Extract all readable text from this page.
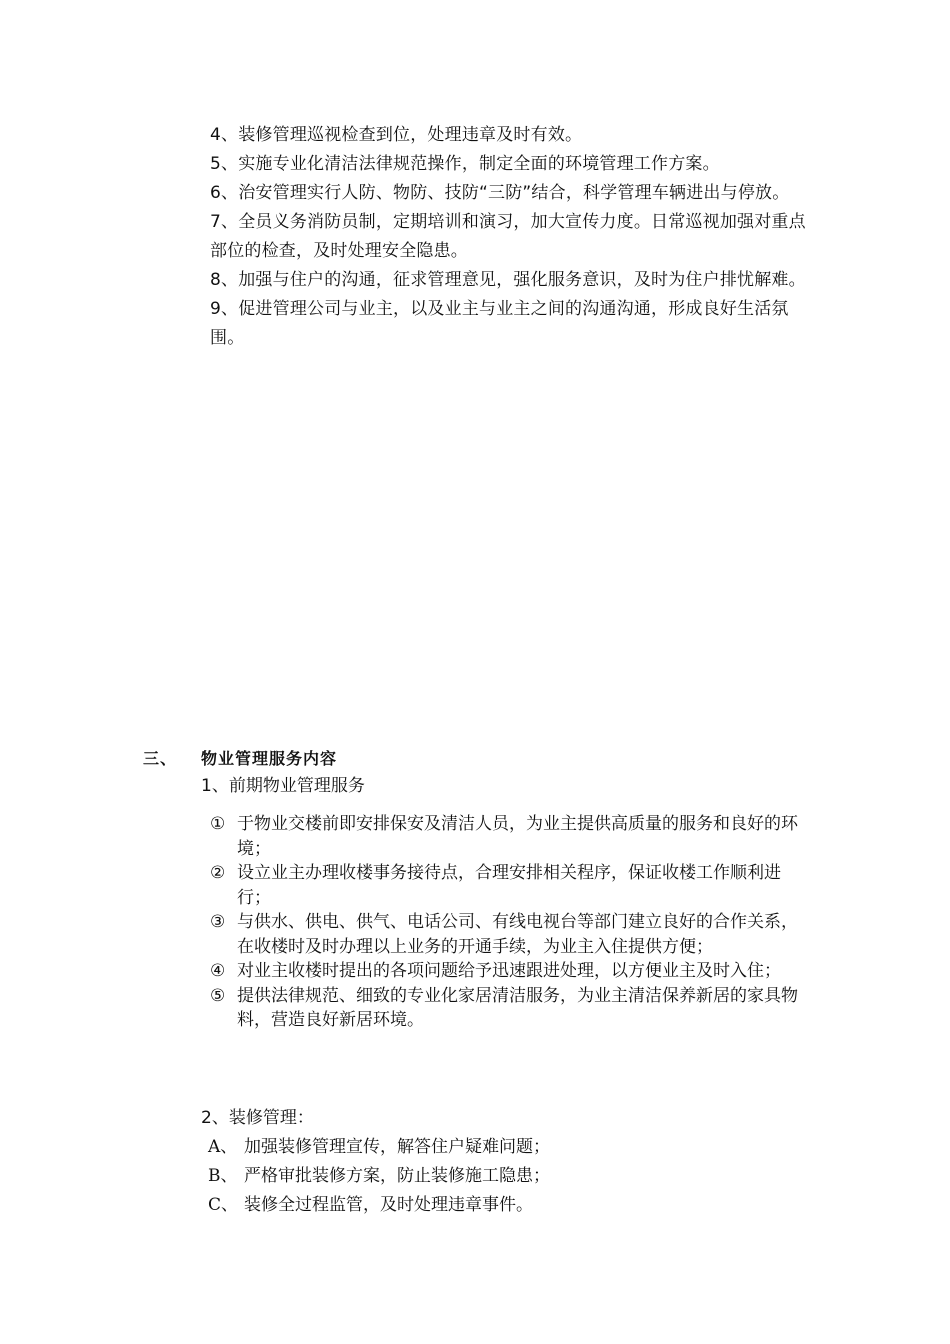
4、装修管理巡视检查到位，处理违章及时有效。

5、实施专业化清洁法律规范操作，制定全面的环境管理工作方案。

6、治安管理实行人防、物防、技防“三防”结合，科学管理车辆进出与停放。

7、全员义务消防员制，定期培训和演习，加大宣传力度。日常巡视加强对重点部位的检查，及时处理安全隐患。

8、加强与住户的沟通，征求管理意见，强化服务意识，及时为住户排忧解难。

9、促进管理公司与业主，以及业主与业主之间的沟通沟通，形成良好生活氛围。

三、 物业管理服务内容
1、前期物业管理服务
① 于物业交楼前即安排保安及清洁人员，为业主提供高质量的服务和良好的环境；
② 设立业主办理收楼事务接待点，合理安排相关程序，保证收楼工作顺利进行；
③ 与供水、供电、供气、电话公司、有线电视台等部门建立良好的合作关系，在收楼时及时办理以上业务的开通手续，为业主入住提供方便；
④ 对业主收楼时提出的各项问题给予迅速跟进处理，以方便业主及时入住；
⑤ 提供法律规范、细致的专业化家居清洁服务，为业主清洁保养新居的家具物料，营造良好新居环境。
2、装修管理：
A、 加强装修管理宣传，解答住户疑难问题；
B、 严格审批装修方案，防止装修施工隐患；
C、 装修全过程监管，及时处理违章事件。
